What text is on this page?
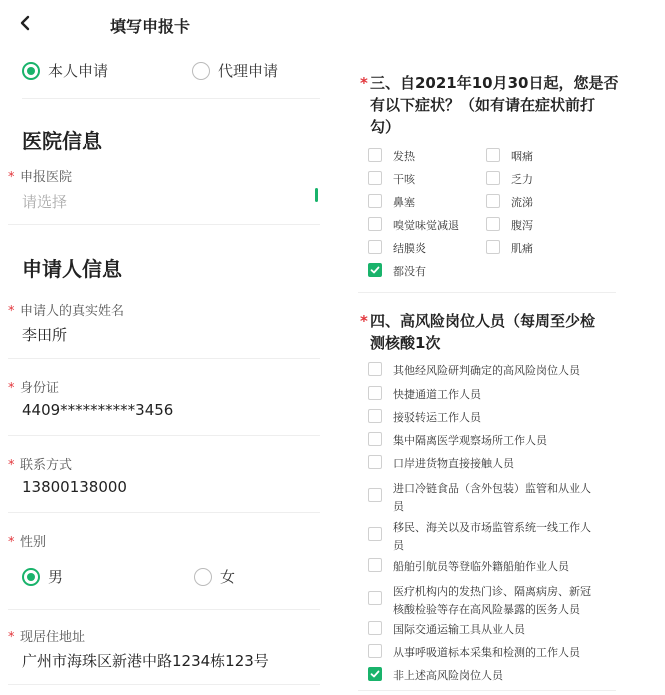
填写申报卡
本人申请	代理申请
医院信息
* 申报医院
请选择
申请人信息
* 申请人的真实姓名
李田所
* 身份证
4409**********3456
* 联系方式
13800138000
* 性别
男	女
* 现居住地址
广州市海珠区新港中路1234栋123号
* 三、自2021年10月30日起，您是否
有以下症状？（如有请在症状前打
勾）
发热	咽痛
干咳	乏力
鼻塞	流涕
嗅觉味觉减退	腹泻
结膜炎	肌痛
都没有
* 四、高风险岗位人员（每周至少检
测核酸1次
其他经风险研判确定的高风险岗位人员
快捷通道工作人员
接驳转运工作人员
集中隔离医学观察场所工作人员
口岸进货物直接接触人员
进口冷链食品（含外包装）监管和从业人
员
移民、海关以及市场监管系统一线工作人
员
船舶引航员等登临外籍船舶作业人员
医疗机构内的发热门诊、隔离病房、新冠
核酸检验等存在高风险暴露的医务人员
国际交通运输工具从业人员
从事呼吸道标本采集和检测的工作人员
非上述高风险岗位人员
